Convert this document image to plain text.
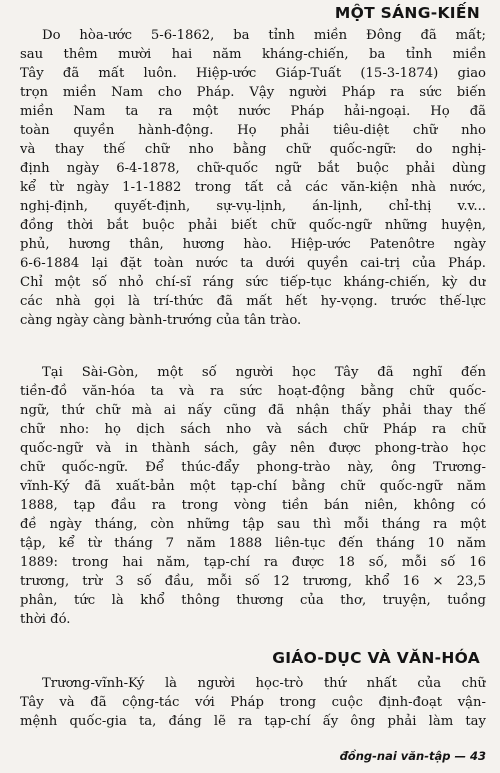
MỘT SÁNG-KIẾN
Do hòa-ước 5-6-1862, ba tỉnh miền Đông đã mất;
sau thêm mười hai năm kháng-chiến, ba tỉnh miền
Tây đã mất luôn. Hiệp-ước Giáp-Tuất (15-3-1874) giao
trọn miền Nam cho Pháp. Vậy người Pháp ra sức biến
miền Nam ta ra một nước Pháp hải-ngoại. Họ đã
toàn quyền hành-động. Họ phải tiêu-diệt chữ nho
và thay thế chữ nho bằng chữ quốc-ngữ: do nghị-
định ngày 6-4-1878, chữ-quốc ngữ bắt buộc phải dùng
kể từ ngày 1-1-1882 trong tất cả các văn-kiện nhà nước,
nghị-định, quyết-định, sự-vụ-lịnh, án-lịnh, chỉ-thị v.v...
đồng thời bắt buộc phải biết chữ quốc-ngữ những huyện,
phủ, hương thân, hương hào. Hiệp-ước Patenôtre ngày
6-6-1884 lại đặt toàn nước ta dưới quyền cai-trị của Pháp.
Chỉ một số nhỏ chí-sĩ ráng sức tiếp-tục kháng-chiến, kỳ dư
các nhà gọi là trí-thức đã mất hết hy-vọng. trước thế-lực
càng ngày càng bành-trướng của tân trào.
Tại Sài-Gòn, một số người học Tây đã nghĩ đến
tiền-đồ văn-hóa ta và ra sức hoạt-động bằng chữ quốc-
ngữ, thứ chữ mà ai nấy cũng đã nhận thấy phải thay thế
chữ nho: họ dịch sách nho và sách chữ Pháp ra chữ
quốc-ngữ và in thành sách, gây nên được phong-trào học
chữ quốc-ngữ. Để thúc-đẩy phong-trào này, ông Trương-
vĩnh-Ký đã xuất-bản một tạp-chí bằng chữ quốc-ngữ năm
1888, tạp đầu ra trong vòng tiền bán niên, không có
đề ngày tháng, còn những tập sau thì mỗi tháng ra một
tập, kể từ tháng 7 năm 1888 liên-tục đến tháng 10 năm
1889: trong hai năm, tạp-chí ra được 18 số, mỗi số 16
trương, trừ 3 số đầu, mỗi số 12 trương, khổ 16 × 23,5
phân, tức là khổ thông thương của thơ, truyện, tuồng
thời đó.
GIÁO-DỤC VÀ VĂN-HÓA
Trương-vĩnh-Ký là người học-trò thứ nhất của chữ
Tây và đã cộng-tác với Pháp trong cuộc định-đoạt vận-
mệnh quốc-gia ta, đáng lẽ ra tạp-chí ấy ông phải làm tay
đồng-nai văn-tập — 43
